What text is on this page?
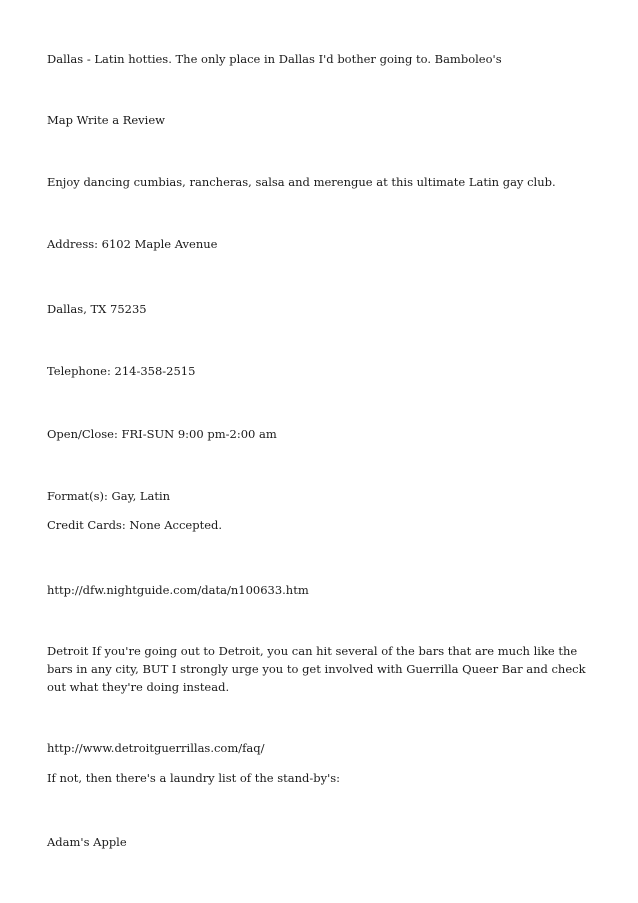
Dallas - Latin hotties. The only place in Dallas I'd bother going to. Bamboleo's

Map Write a Review

Enjoy dancing cumbias, rancheras, salsa and merengue at this ultimate Latin gay club.

Address: 6102 Maple Avenue

Dallas, TX 75235

Telephone: 214-358-2515

Open/Close: FRI-SUN 9:00 pm-2:00 am

Format(s): Gay, Latin

Credit Cards: None Accepted.

http://dfw.nightguide.com/data/n100633.htm

Detroit If you're going out to Detroit, you can hit several of the bars that are much like the bars in any city, BUT I strongly urge you to get involved with Guerrilla Queer Bar and check out what they're doing instead.

http://www.detroitguerrillas.com/faq/

If not, then there's a laundry list of the stand-by's:

Adam's Apple
